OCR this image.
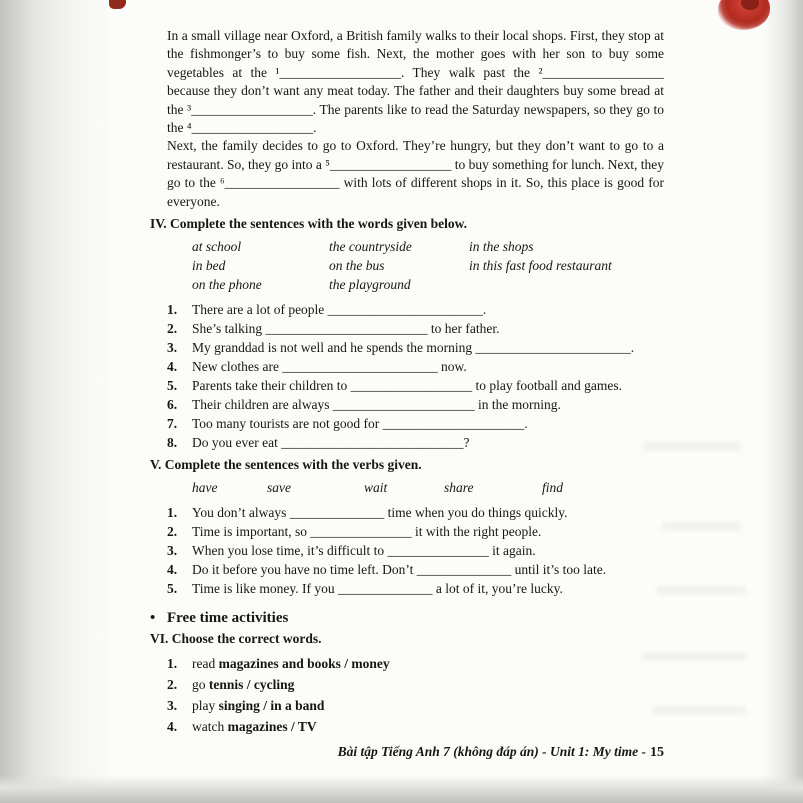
In a small village near Oxford, a British family walks to their local shops. First, they stop at the fishmonger’s to buy some fish. Next, the mother goes with her son to buy some vegetables at the ¹__________________. They walk past the ²__________________ because they don’t want any meat today. The father and their daughters buy some bread at the ³__________________. The parents like to read the Saturday newspapers, so they go to the ⁴__________________.

Next, the family decides to go to Oxford. They’re hungry, but they don’t want to go to a restaurant. So, they go into a ⁵__________________ to buy something for lunch. Next, they go to the ⁶_________________ with lots of different shops in it. So, this place is good for everyone.

IV. Complete the sentences with the words given below.
at school	the countryside	in the shops
in bed	on the bus	in this fast food restaurant
on the phone	the playground
1.	There are a lot of people _______________________.
2.	She’s talking ________________________ to her father.
3.	My granddad is not well and he spends the morning _______________________.
4.	New clothes are _______________________ now.
5.	Parents take their children to __________________ to play football and games.
6.	Their children are always _____________________ in the morning.
7.	Too many tourists are not good for _____________________.
8.	Do you ever eat ___________________________?
V. Complete the sentences with the verbs given.
have	save	wait	share	find
1.	You don’t always ______________ time when you do things quickly.
2.	Time is important, so _______________ it with the right people.
3.	When you lose time, it’s difficult to _______________ it again.
4.	Do it before you have no time left. Don’t ______________ until it’s too late.
5.	Time is like money. If you ______________ a lot of it, you’re lucky.
• Free time activities
VI. Choose the correct words.
1.	read magazines and books / money
2.	go tennis / cycling
3.	play singing / in a band
4.	watch magazines / TV
Bài tập Tiếng Anh 7 (không đáp án) - Unit 1: My time - 15
